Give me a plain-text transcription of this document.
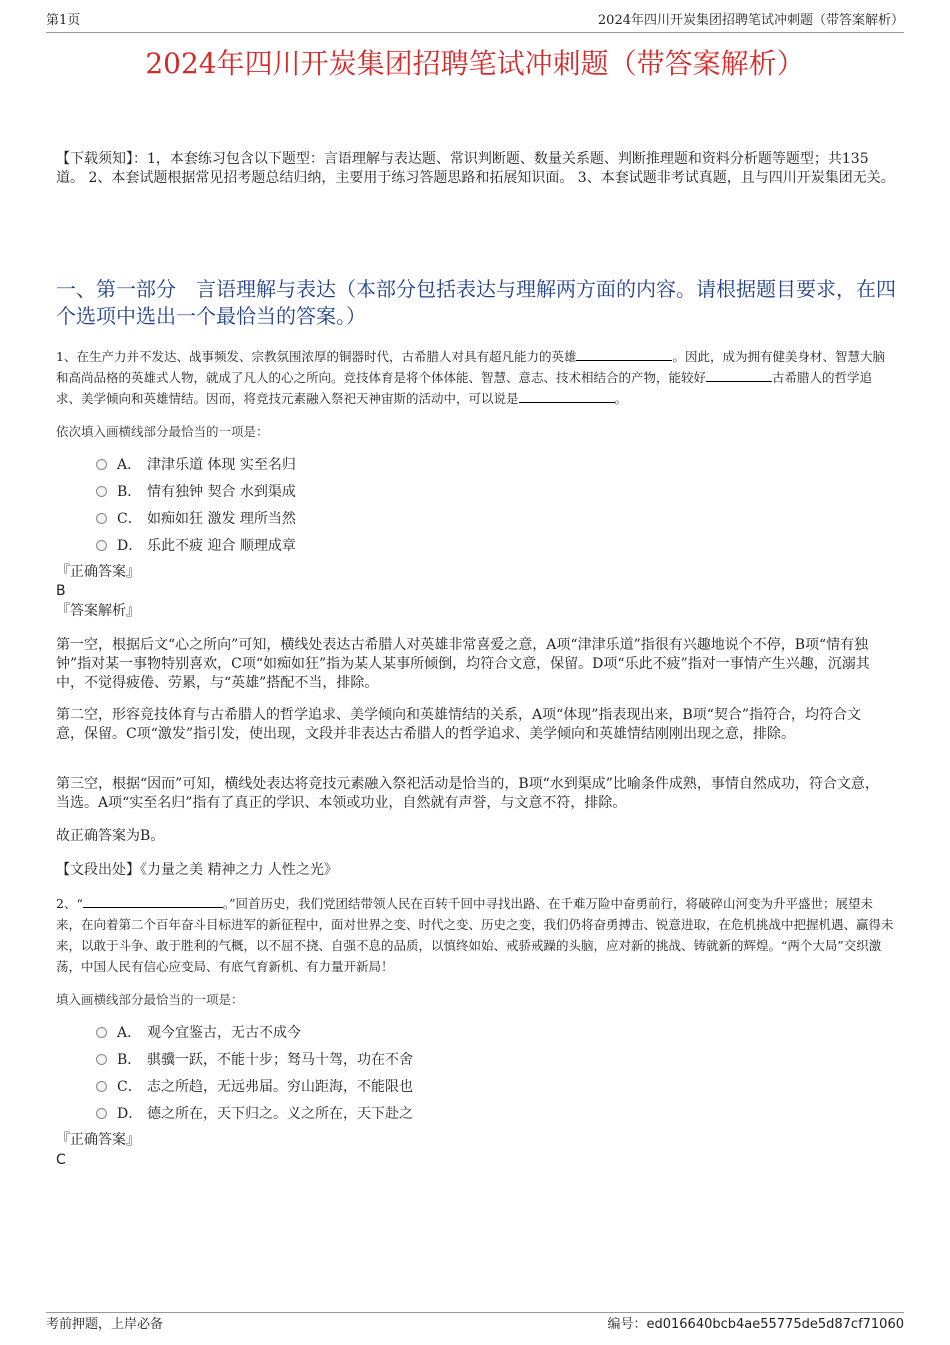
第1页	2024年四川开炭集团招聘笔试冲刺题（带答案解析）
2024年四川开炭集团招聘笔试冲刺题（带答案解析）
【下载须知】：1，本套练习包含以下题型：言语理解与表达题、常识判断题、数量关系题、判断推理题和资料分析题等题型；共135道。 2、本套试题根据常见招考题总结归纳，主要用于练习答题思路和拓展知识面。 3、本套试题非考试真题，且与四川开炭集团无关。
一、第一部分　言语理解与表达（本部分包括表达与理解两方面的内容。请根据题目要求，在四个选项中选出一个最恰当的答案。）
1、在生产力并不发达、战事频发、宗教氛围浓厚的铜器时代，古希腊人对具有超凡能力的英雄	。因此，成为拥有健美身材、智慧大脑和高尚品格的英雄式人物，就成了凡人的心之所向。竞技体育是将个体体能、智慧、意志、技术相结合的产物，能较好	古希腊人的哲学追求、美学倾向和英雄情结。因而，将竞技元素融入祭祀天神宙斯的活动中，可以说是	。
依次填入画横线部分最恰当的一项是：
A． 津津乐道 体现 实至名归
B． 情有独钟 契合 水到渠成
C． 如痴如狂 激发 理所当然
D． 乐此不疲 迎合 顺理成章
『正确答案』
B
『答案解析』
第一空，根据后文“心之所向”可知，横线处表达古希腊人对英雄非常喜爱之意，A项“津津乐道”指很有兴趣地说个不停，B项“情有独钟”指对某一事物特别喜欢，C项“如痴如狂”指为某人某事所倾倒，均符合文意，保留。D项“乐此不疲”指对一事情产生兴趣，沉溺其中，不觉得疲倦、劳累，与“英雄”搭配不当，排除。
第二空，形容竞技体育与古希腊人的哲学追求、美学倾向和英雄情结的关系，A项“体现”指表现出来，B项“契合”指符合，均符合文意，保留。C项“激发”指引发，使出现，文段并非表达古希腊人的哲学追求、美学倾向和英雄情结刚刚出现之意，排除。
第三空，根据“因而”可知，横线处表达将竞技元素融入祭祀活动是恰当的，B项“水到渠成”比喻条件成熟，事情自然成功，符合文意，当选。A项“实至名归”指有了真正的学识、本领或功业，自然就有声誉，与文意不符，排除。
故正确答案为B。
【文段出处】《力量之美 精神之力 人性之光》
2、“	。”回首历史，我们党团结带领人民在百转千回中寻找出路、在千难万险中奋勇前行，将破碎山河变为升平盛世；展望未来，在向着第二个百年奋斗目标进军的新征程中，面对世界之变、时代之变、历史之变，我们仍将奋勇搏击、锐意进取，在危机挑战中把握机遇、赢得未来，以敢于斗争、敢于胜利的气概，以不屈不挠、自强不息的品质，以慎终如始、戒骄戒躁的头脑，应对新的挑战、铸就新的辉煌。“两个大局”交织激荡，中国人民有信心应变局、有底气育新机、有力量开新局！
填入画横线部分最恰当的一项是：
A． 观今宜鉴古，无古不成今
B． 骐骥一跃，不能十步；驽马十驾，功在不舍
C． 志之所趋，无远弗届。穷山距海，不能限也
D． 德之所在，天下归之。义之所在，天下赴之
『正确答案』
C
考前押题，上岸必备	编号：ed016640bcb4ae55775de5d87cf71060
